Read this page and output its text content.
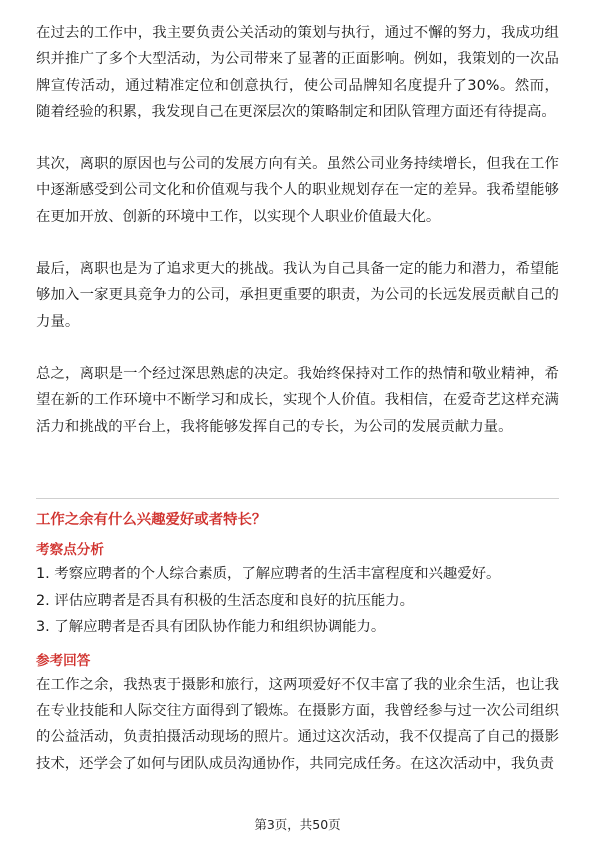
在过去的工作中，我主要负责公关活动的策划与执行，通过不懈的努力，我成功组织并推广了多个大型活动，为公司带来了显著的正面影响。例如，我策划的一次品牌宣传活动，通过精准定位和创意执行，使公司品牌知名度提升了30%。然而，随着经验的积累，我发现自己在更深层次的策略制定和团队管理方面还有待提高。

其次，离职的原因也与公司的发展方向有关。虽然公司业务持续增长，但我在工作中逐渐感受到公司文化和价值观与我个人的职业规划存在一定的差异。我希望能够在更加开放、创新的环境中工作，以实现个人职业价值最大化。

最后，离职也是为了追求更大的挑战。我认为自己具备一定的能力和潜力，希望能够加入一家更具竞争力的公司，承担更重要的职责，为公司的长远发展贡献自己的力量。

总之，离职是一个经过深思熟虑的决定。我始终保持对工作的热情和敬业精神，希望在新的工作环境中不断学习和成长，实现个人价值。我相信，在爱奇艺这样充满活力和挑战的平台上，我将能够发挥自己的专长，为公司的发展贡献力量。

工作之余有什么兴趣爱好或者特长？

考察点分析

1. 考察应聘者的个人综合素质，了解应聘者的生活丰富程度和兴趣爱好。
2. 评估应聘者是否具有积极的生活态度和良好的抗压能力。
3. 了解应聘者是否具有团队协作能力和组织协调能力。

参考回答

在工作之余，我热衷于摄影和旅行，这两项爱好不仅丰富了我的业余生活，也让我在专业技能和人际交往方面得到了锻炼。在摄影方面，我曾经参与过一次公司组织的公益活动，负责拍摄活动现场的照片。通过这次活动，我不仅提高了自己的摄影技术，还学会了如何与团队成员沟通协作，共同完成任务。在这次活动中，我负责

第3页，共50页
